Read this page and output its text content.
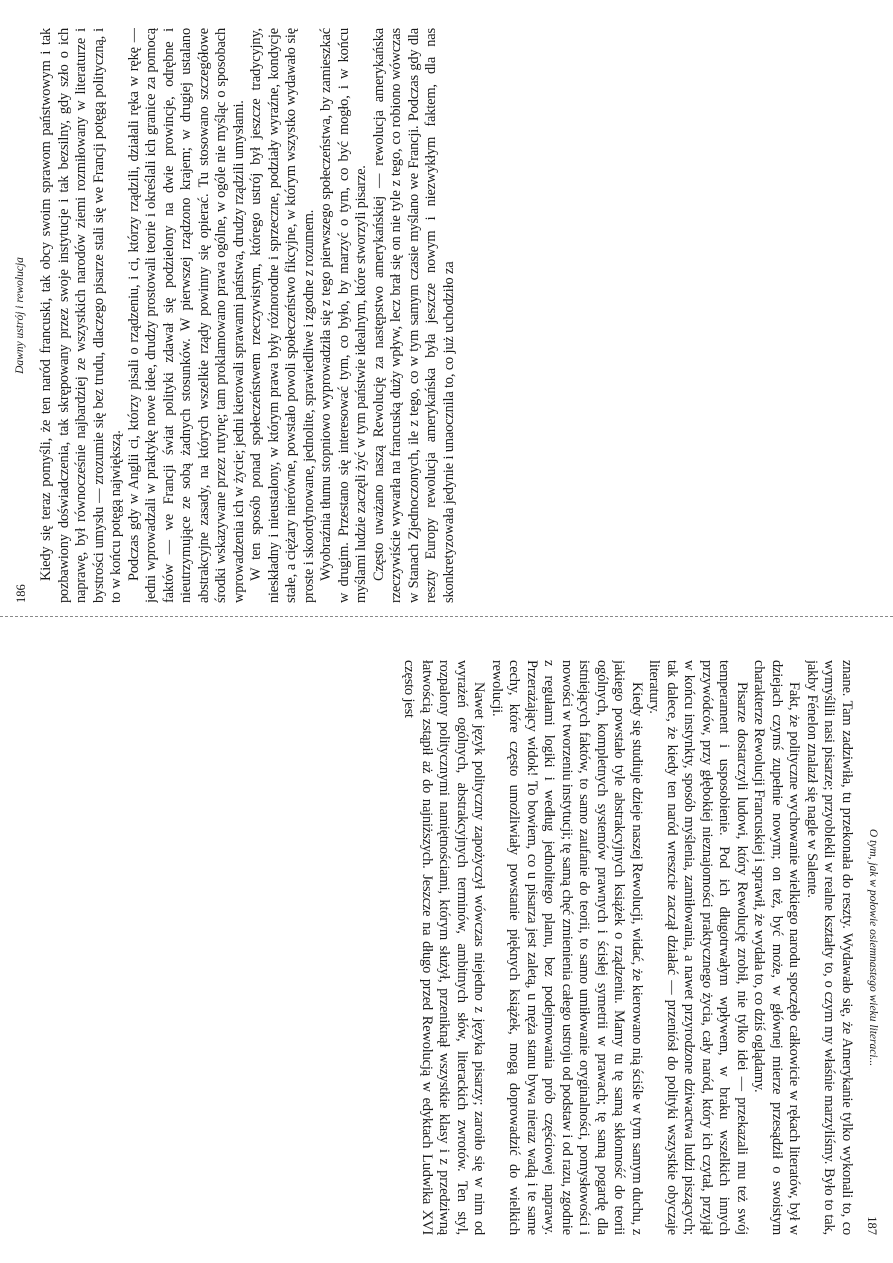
186
Dawny ustrój i rewolucja Kiedy się teraz pomyśli, że ten naród francuski, tak obcy swoim sprawom państwowym i tak pozbawiony doświadczenia, tak skrępowany przez swoje instytucje i tak bezsilny, gdy szło o ich naprawę, był równocześnie najbardziej ze wszystkich narodów ziemi rozmiłowany w literaturze i bystrości umysłu — zrozumie się bez trudu, dlaczego pisarze stali się we Francji potęgą polityczną, i to w końcu potęgą największą. Podczas gdy w Anglii ci, którzy pisali o rządzeniu, i ci, którzy rządzili, działali ręka w rękę — jedni wprowadzali w praktykę nowe idee, drudzy prostowali teorie i określali ich granice za pomocą faktów — we Francji świat polityki zdawał się podzielony na dwie prowincje, odrębne i nieutrzymujące ze sobą żadnych stosunków. W pierwszej rządzono krajem; w drugiej ustalano abstrakcyjne zasady, na których wszelkie rządy powinny się opierać. Tu stosowano szczegółowe środki wskazywane przez rutynę; tam proklamowano prawa ogólne, w ogóle nie myśląc o sposobach wprowadzenia ich w życie; jedni kierowali sprawami państwa, drudzy rządzili umysłami. W ten sposób ponad społeczeństwem rzeczywistym, którego ustrój był jeszcze tradycyjny, nieskładny i nieustalony, w którym prawa były różnorodne i sprzeczne, podziały wyraźne, kondycje stałe, a ciężary nierówne, powstało powoli społeczeństwo fikcyjne, w którym wszystko wydawało się proste i skoordynowane, jednolite, sprawiedliwe i zgodne z rozumem. Wyobraźnia tłumu stopniowo wyprowadziła się z tego pierwszego społeczeństwa, by zamieszkać w drugim. Przestano się interesować tym, co było, by marzyć o tym, co być mogło, i w końcu myślami ludzie zaczęli żyć w tym państwie idealnym, które stworzyli pisarze. Często uważano naszą Rewolucję za następstwo amerykańskiej — rewolucja amerykańska rzeczywiście wywarła na francuską duży wpływ, lecz brał się on nie tyle z tego, co robiono wówczas w Stanach Zjednoczonych, ile z tego, co w tym samym czasie myślano we Francji. Podczas gdy dla reszty Europy rewolucja amerykańska była jeszcze nowym i niezwykłym faktem, dla nas skonkretyzowała jedynie i unaocznila to, co już uchodziło za

O tym, jak w połowie osiemnastego wieku literaci...
187

znane. Tam zadziwiła, tu przekonała do reszty. Wydawało się, że Amerykanie tylko wykonali to, co wymyślili nasi pisarze; przyoblekli w realne kształty to, o czym my właśnie marzyliśmy. Było to tak, jakby Fénelon znalazł się nagle w Salente.

Fakt, że polityczne wychowanie wielkiego narodu spoczęło całkowicie w rękach literatów, był w dziejach czymś zupełnie nowym; on też, być może, w głównej mierze przesądził o swoistym charakterze Rewolucji Francuskiej i sprawił, że wydała to, co dziś oglądamy.

Pisarze dostarczyli ludowi, który Rewolucję zrobił, nie tylko idei — przekazali mu też swój temperament i usposobienie. Pod ich długotrwałym wpływem, w braku wszelkich innych przywódców, przy głębokiej nieznajomości praktycznego życia, cały naród, który ich czytał, przyjął w końcu instynkty, sposób myślenia, zamiłowania, a nawet przyrodzone dziwactwa ludzi piszących; tak dalece, że kiedy ten naród wreszcie zaczął działać — przeniósł do polityki wszystkie obyczaje literatury.

Kiedy się studiuje dzieje naszej Rewolucji, widać, że kierowano nią ściśle w tym samym duchu, z jakiego powstało tyle abstrakcyjnych książek o rządzeniu. Mamy tu tę samą skłonność do teorii ogólnych, kompletnych systemów prawnych i ścisłej symetrii w prawach; tę samą pogardę dla istniejących faktów, to samo zaufanie do teorii, to samo umiłowanie oryginalności, pomysłowości i nowości w tworzeniu instytucji; tę samą chęć zmienienia całego ustroju od podstaw i od razu, zgodnie z regułami logiki i według jednolitego planu, bez podejmowania prób częściowej naprawy. Przerażający widok! To bowiem, co u pisarza jest zaletą, u męża stanu bywa nieraz wadą i te same cechy, które często umożliwiały powstanie pięknych książek, mogą doprowadzić do wielkich rewolucji.

Nawet język polityczny zapożyczył wówczas niejedno z języka pisarzy; zaroiło się w nim od wyrażeń ogólnych, abstrakcyjnych terminów, ambitnych słów, literackich zwrotów. Ten styl, rozpalony politycznymi namiętnościami, którym służył, przeniknął wszystkie klasy i z przedziwną łatwością zstąpił aż do najniższych. Jeszcze na długo przed Rewolucją w edyktach Ludwika XVI często jest
